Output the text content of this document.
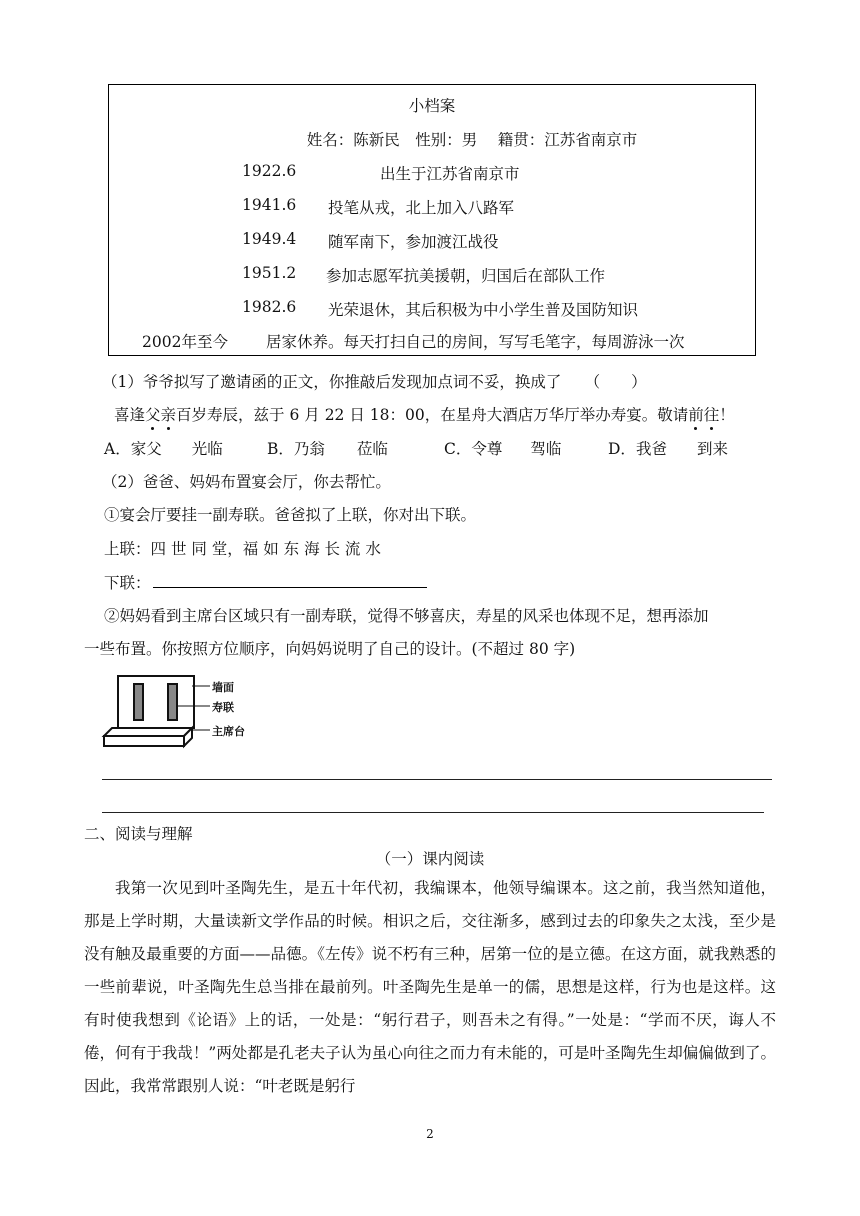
小档案
姓名：陈新民　性别：男　 籍贯：江苏省南京市
1922.6	出生于江苏省南京市
1941.6 投笔从戎，北上加入八路军
1949.4 随军南下，参加渡江战役
1951.2 参加志愿军抗美援朝，归国后在部队工作
1982.6 光荣退休，其后积极为中小学生普及国防知识
2002年至今 居家休养。每天打扫自己的房间，写写毛笔字，每周游泳一次
（1）爷爷拟写了邀请函的正文，你推敲后发现加点词不妥，换成了　　（　　）
喜逢父亲百岁寿辰，兹于 6 月 22 日 18：00，在星舟大酒店万华厅举办寿宴。敬请前往！
A．家父 光临	B．乃翁 莅临	C．令尊 驾临	D．我爸 到来
（2）爸爸、妈妈布置宴会厅，你去帮忙。
①宴会厅要挂一副寿联。爸爸拟了上联，你对出下联。
上联：四 世 同 堂，福 如 东 海 长 流 水
下联：
②妈妈看到主席台区域只有一副寿联，觉得不够喜庆，寿星的风采也体现不足，想再添加
一些布置。你按照方位顺序，向妈妈说明了自己的设计。(不超过 80 字)
墙面
寿联
主席台
二、阅读与理解
（一）课内阅读

我第一次见到叶圣陶先生，是五十年代初，我编课本，他领导编课本。这之前，我当然知道他，那是上学时期，大量读新文学作品的时候。相识之后，交往渐多，感到过去的印象失之太浅，至少是没有触及最重要的方面——品德。《左传》说不朽有三种，居第一位的是立德。在这方面，就我熟悉的一些前辈说，叶圣陶先生总当排在最前列。叶圣陶先生是单一的儒，思想是这样，行为也是这样。这有时使我想到《论语》上的话，一处是：“躬行君子，则吾未之有得。”一处是：“学而不厌，诲人不倦，何有于我哉！”两处都是孔老夫子认为虽心向往之而力有未能的，可是叶圣陶先生却偏偏做到了。因此，我常常跟别人说：“叶老既是躬行

2
